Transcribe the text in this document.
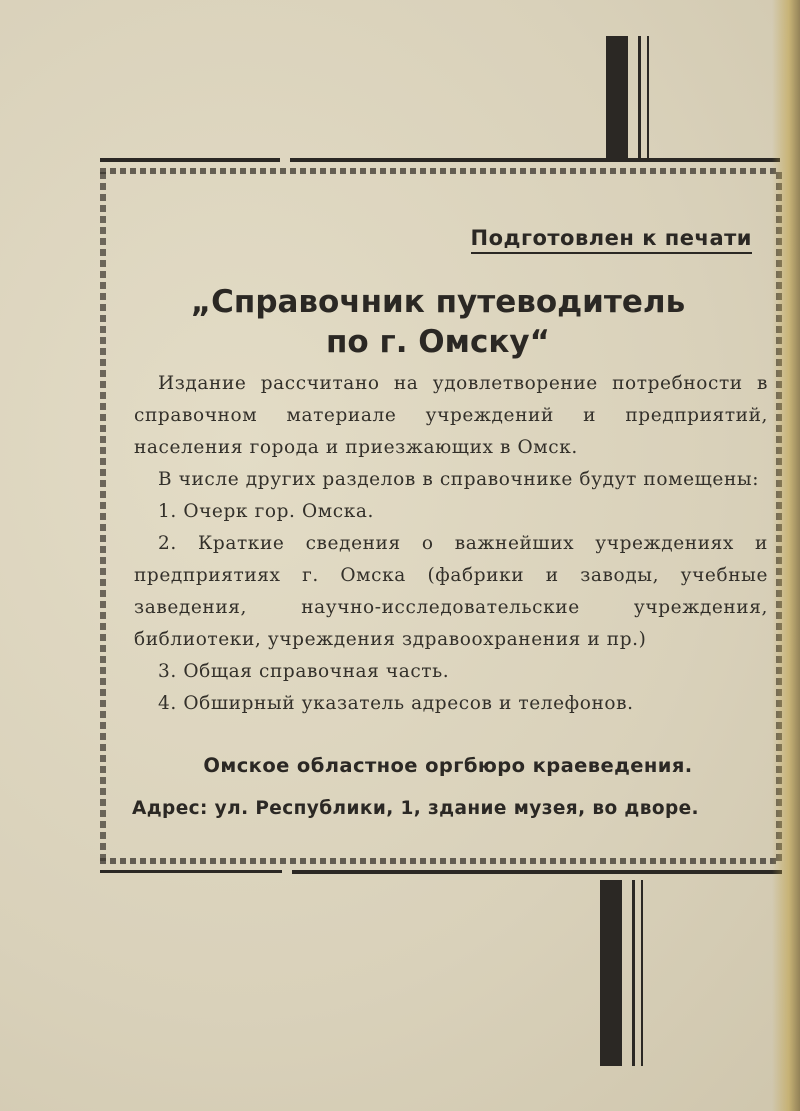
Подготовлен к печати
„Справочник путеводитель
по г. Омску“

Издание рассчитано на удовлетворение потребности в справочном материале учреждений и предприятий, населения города и приезжающих в Омск.

В числе других разделов в справочнике будут помещены:

1. Очерк гор. Омска.

2. Краткие сведения о важнейших учреждениях и предприятиях г. Омска (фабрики и заводы, учебные заведения, научно-исследовательские учреждения, библиотеки, учреждения здравоохранения и пр.)

3. Общая справочная часть.

4. Обширный указатель адресов и телефонов.

Омское областное оргбюро краеведения.
Адрес: ул. Республики, 1, здание музея, во дворе.
